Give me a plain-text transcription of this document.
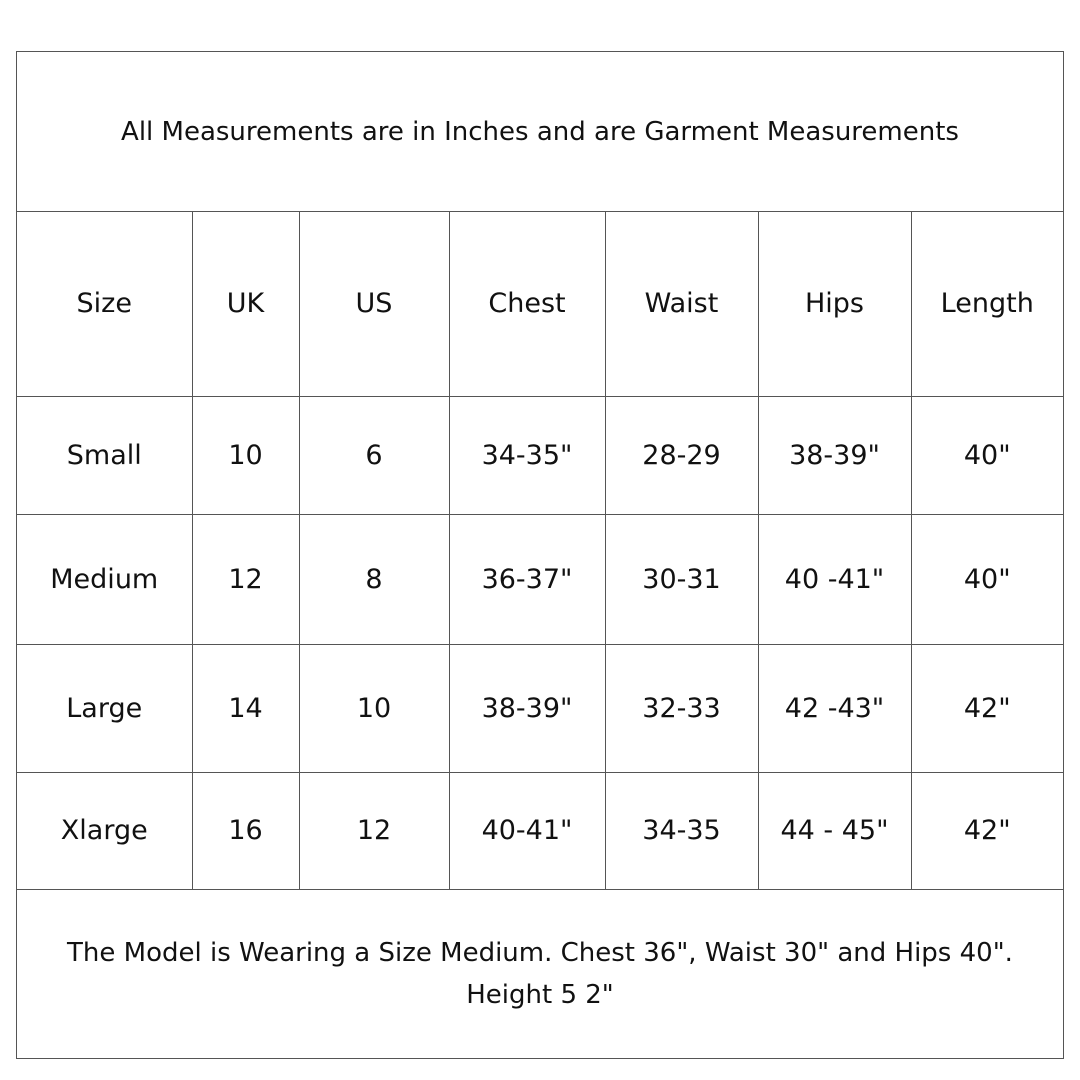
All Measurements are in Inches and are Garment Measurements
Size	UK	US	Chest	Waist	Hips	Length
Small	10	6	34-35"	28-29	38-39"	40"
Medium	12	8	36-37"	30-31	40 -41"	40"
Large	14	10	38-39"	32-33	42 -43"	42"
Xlarge	16	12	40-41"	34-35	44 - 45"	42"
The Model is Wearing a Size Medium. Chest 36", Waist 30" and Hips 40".
Height 5 2"
